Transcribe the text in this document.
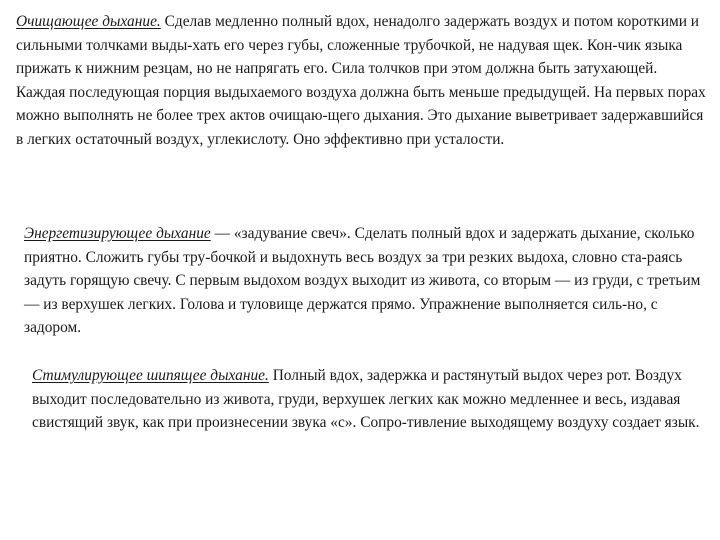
Очищающее дыхание. Сделав медленно полный вдох, ненадолго задержать воздух и потом короткими и сильными толчками выды-хать его через губы, сложенные трубочкой, не надувая щек. Кон-чик языка прижать к нижним резцам, но не напрягать его. Сила толчков при этом должна быть затухающей. Каждая последующая порция выдыхаемого воздуха должна быть меньше предыдущей. На первых порах можно выполнять не более трех актов очищаю-щего дыхания. Это дыхание выветривает задержавшийся в легких остаточный воздух, углекислоту. Оно эффективно при усталости.

Энергетизирующее дыхание — «задувание свеч». Сделать полный вдох и задержать дыхание, сколько приятно. Сложить губы тру-бочкой и выдохнуть весь воздух за три резких выдоха, словно ста-раясь задуть горящую свечу. С первым выдохом воздух выходит из живота, со вторым — из груди, с третьим — из верхушек легких. Голова и туловище держатся прямо. Упражнение выполняется силь-но, с задором.

Стимулирующее шипящее дыхание. Полный вдох, задержка и растянутый выдох через рот. Воздух выходит последовательно из живота, груди, верхушек легких как можно медленнее и весь, издавая свистящий звук, как при произнесении звука «с». Сопро-тивление выходящему воздуху создает язык.
